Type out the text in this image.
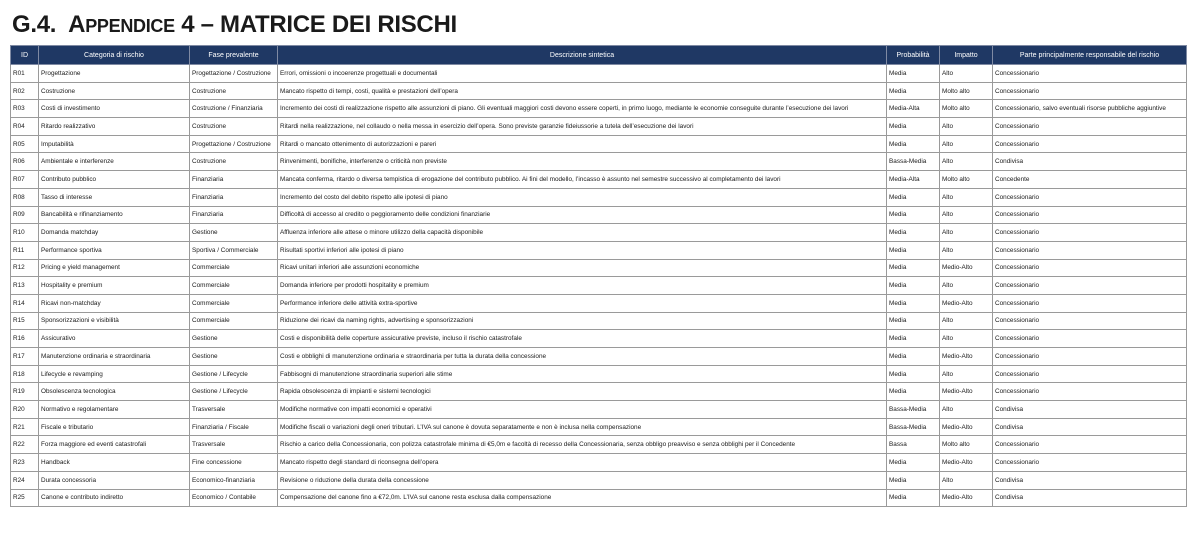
G.4. APPENDICE 4 – MATRICE DEI RISCHI
ID	Categoria di rischio	Fase prevalente	Descrizione sintetica	Probabilità	Impatto	Parte principalmente responsabile del rischio
R01	Progettazione	Progettazione / Costruzione	Errori, omissioni o incoerenze progettuali e documentali	Media	Alto	Concessionario
R02	Costruzione	Costruzione	Mancato rispetto di tempi, costi, qualità e prestazioni dell’opera	Media	Molto alto	Concessionario
R03	Costi di investimento	Costruzione / Finanziaria	Incremento dei costi di realizzazione rispetto alle assunzioni di piano. Gli eventuali maggiori costi devono essere coperti, in primo luogo, mediante le economie conseguite durante l’esecuzione dei lavori	Media-Alta	Molto alto	Concessionario, salvo eventuali risorse pubbliche aggiuntive
R04	Ritardo realizzativo	Costruzione	Ritardi nella realizzazione, nel collaudo o nella messa in esercizio dell’opera. Sono previste garanzie fideiussorie a tutela dell’esecuzione dei lavori	Media	Alto	Concessionario
R05	Imputabilità	Progettazione / Costruzione	Ritardi o mancato ottenimento di autorizzazioni e pareri	Media	Alto	Concessionario
R06	Ambientale e interferenze	Costruzione	Rinvenimenti, bonifiche, interferenze o criticità non previste	Bassa-Media	Alto	Condivisa
R07	Contributo pubblico	Finanziaria	Mancata conferma, ritardo o diversa tempistica di erogazione del contributo pubblico. Ai fini del modello, l’incasso è assunto nel semestre successivo al completamento dei lavori	Media-Alta	Molto alto	Concedente
R08	Tasso di interesse	Finanziaria	Incremento del costo del debito rispetto alle ipotesi di piano	Media	Alto	Concessionario
R09	Bancabilità e rifinanziamento	Finanziaria	Difficoltà di accesso al credito o peggioramento delle condizioni finanziarie	Media	Alto	Concessionario
R10	Domanda matchday	Gestione	Affluenza inferiore alle attese o minore utilizzo della capacità disponibile	Media	Alto	Concessionario
R11	Performance sportiva	Sportiva / Commerciale	Risultati sportivi inferiori alle ipotesi di piano	Media	Alto	Concessionario
R12	Pricing e yield management	Commerciale	Ricavi unitari inferiori alle assunzioni economiche	Media	Medio-Alto	Concessionario
R13	Hospitality e premium	Commerciale	Domanda inferiore per prodotti hospitality e premium	Media	Alto	Concessionario
R14	Ricavi non-matchday	Commerciale	Performance inferiore delle attività extra-sportive	Media	Medio-Alto	Concessionario
R15	Sponsorizzazioni e visibilità	Commerciale	Riduzione dei ricavi da naming rights, advertising e sponsorizzazioni	Media	Alto	Concessionario
R16	Assicurativo	Gestione	Costi e disponibilità delle coperture assicurative previste, incluso il rischio catastrofale	Media	Alto	Concessionario
R17	Manutenzione ordinaria e straordinaria	Gestione	Costi e obblighi di manutenzione ordinaria e straordinaria per tutta la durata della concessione	Media	Medio-Alto	Concessionario
R18	Lifecycle e revamping	Gestione / Lifecycle	Fabbisogni di manutenzione straordinaria superiori alle stime	Media	Alto	Concessionario
R19	Obsolescenza tecnologica	Gestione / Lifecycle	Rapida obsolescenza di impianti e sistemi tecnologici	Media	Medio-Alto	Concessionario
R20	Normativo e regolamentare	Trasversale	Modifiche normative con impatti economici e operativi	Bassa-Media	Alto	Condivisa
R21	Fiscale e tributario	Finanziaria / Fiscale	Modifiche fiscali o variazioni degli oneri tributari. L’IVA sul canone è dovuta separatamente e non è inclusa nella compensazione	Bassa-Media	Medio-Alto	Condivisa
R22	Forza maggiore ed eventi catastrofali	Trasversale	Rischio a carico della Concessionaria, con polizza catastrofale minima di €5,0m e facoltà di recesso della Concessionaria, senza obbligo preavviso e senza obblighi per il Concedente	Bassa	Molto alto	Concessionario
R23	Handback	Fine concessione	Mancato rispetto degli standard di riconsegna dell’opera	Media	Medio-Alto	Concessionario
R24	Durata concessoria	Economico-finanziaria	Revisione o riduzione della durata della concessione	Media	Alto	Condivisa
R25	Canone e contributo indiretto	Economico / Contabile	Compensazione del canone fino a €72,0m. L’IVA sul canone resta esclusa dalla compensazione	Media	Medio-Alto	Condivisa
